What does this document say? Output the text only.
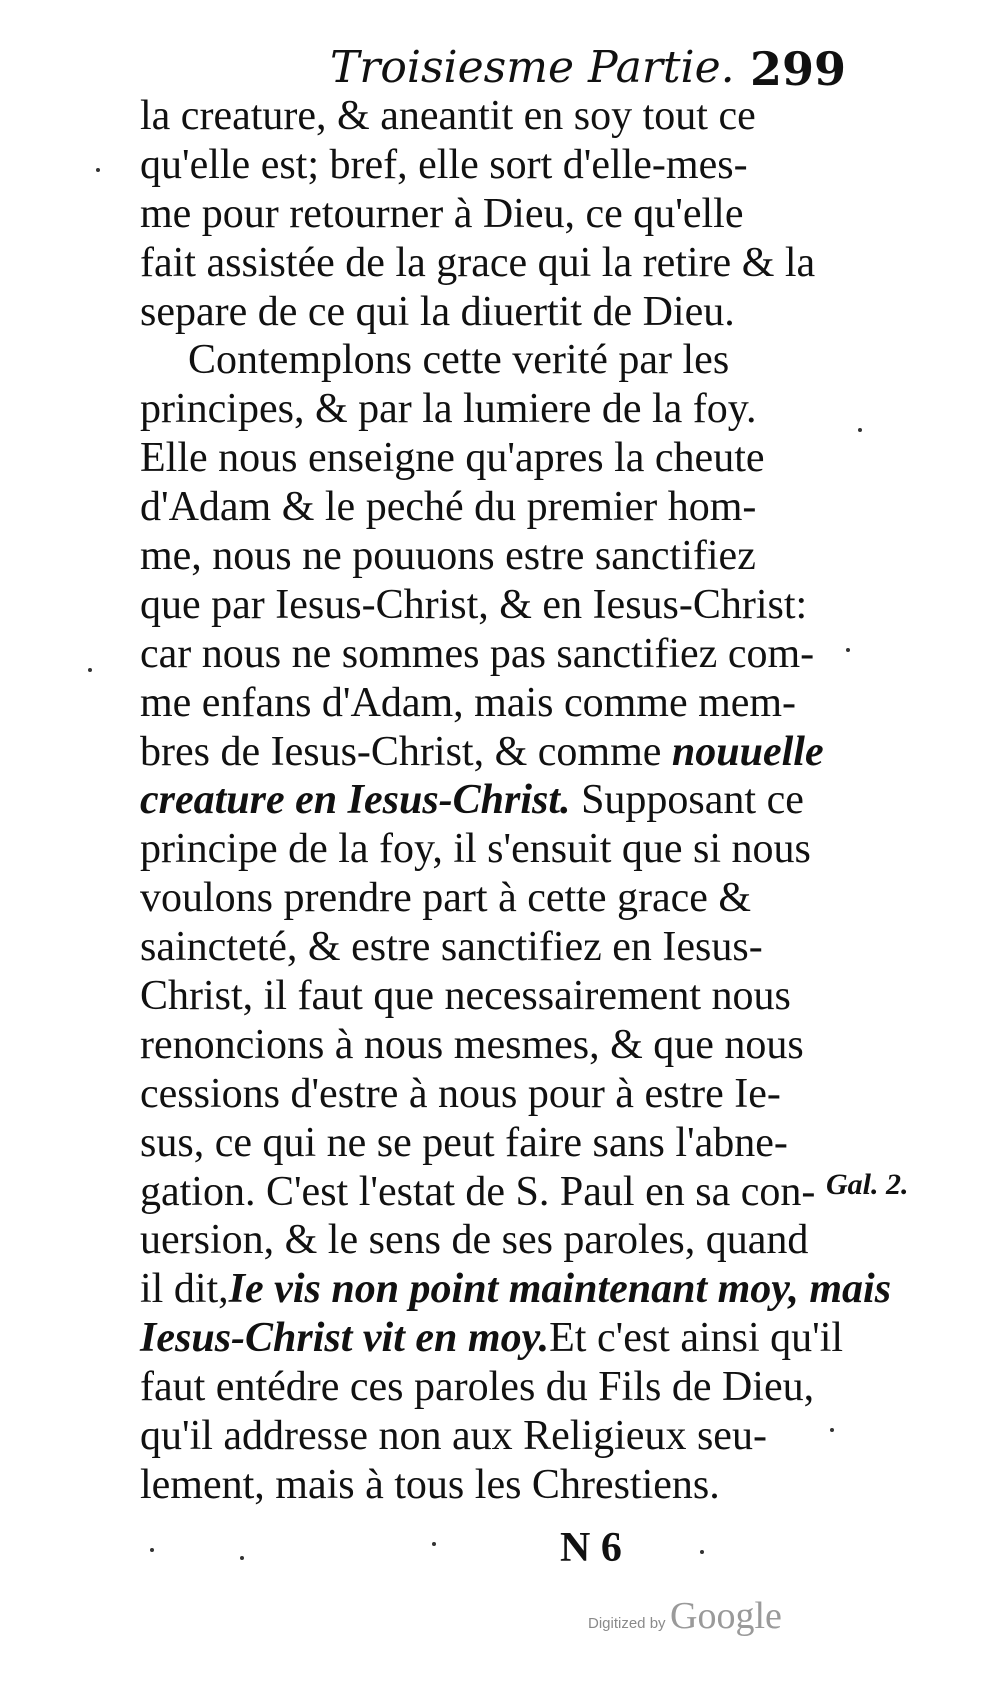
Troisiesme Partie. 299
la creature, & aneantit en soy tout ce
qu'elle est; bref, elle sort d'elle-mes-
me pour retourner à Dieu, ce qu'elle
fait assistée de la grace qui la retire & la
separe de ce qui la diuertit de Dieu.
Contemplons cette verité par les
principes, & par la lumiere de la foy.
Elle nous enseigne qu'apres la cheute
d'Adam & le peché du premier hom-
me, nous ne pouuons estre sanctifiez
que par Iesus-Christ, & en Iesus-Christ:
car nous ne sommes pas sanctifiez com-
me enfans d'Adam, mais comme mem-
bres de Iesus-Christ, & comme nouuelle
creature en Iesus-Christ. Supposant ce
principe de la foy, il s'ensuit que si nous
voulons prendre part à cette grace &
saincteté, & estre sanctifiez en Iesus-
Christ, il faut que necessairement nous
renoncions à nous mesmes, & que nous
cessions d'estre à nous pour à estre Ie-
sus, ce qui ne se peut faire sans l'abne-
gation. C'est l'estat de S. Paul en sa con-
uersion, & le sens de ses paroles, quand
il dit,Ie vis non point maintenant moy, mais
Iesus-Christ vit en moy.Et c'est ainsi qu'il
faut entédre ces paroles du Fils de Dieu,
qu'il addresse non aux Religieux seu-
lement, mais à tous les Chrestiens.
Gal. 2.
N 6
Digitized by Google
